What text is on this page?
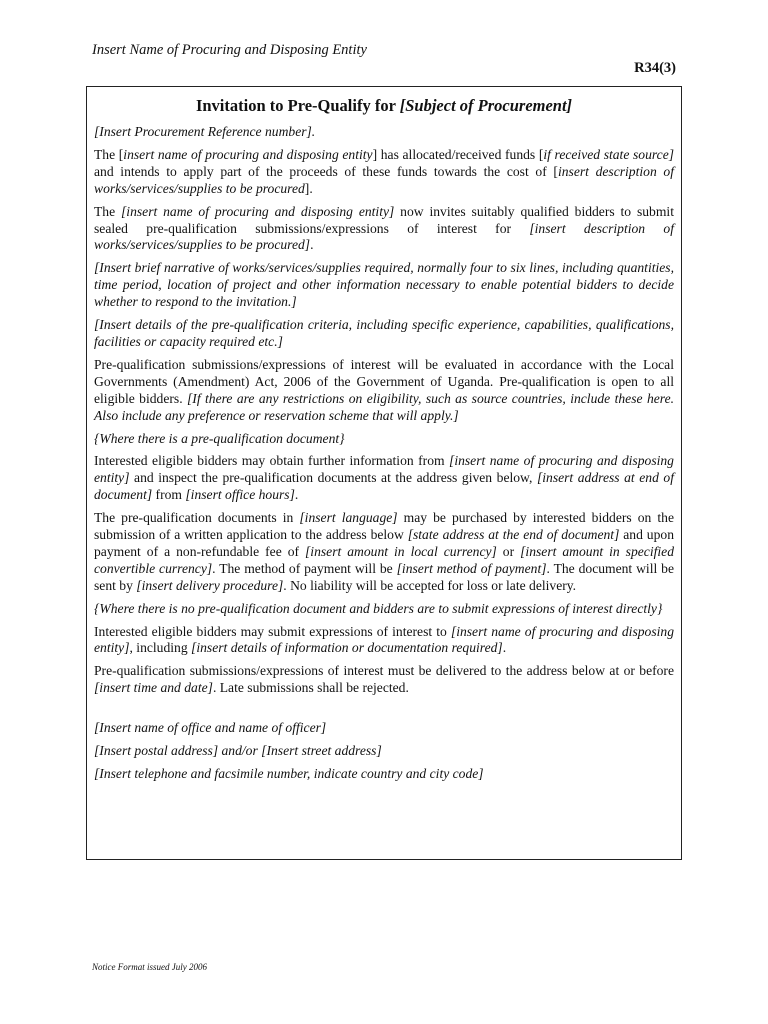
Insert Name of Procuring and Disposing Entity
R34(3)
Invitation to Pre-Qualify for [Subject of Procurement]
[Insert Procurement Reference number].
The [insert name of procuring and disposing entity] has allocated/received funds [if received state source] and intends to apply part of the proceeds of these funds towards the cost of [insert description of works/services/supplies to be procured].
The [insert name of procuring and disposing entity] now invites suitably qualified bidders to submit sealed pre-qualification submissions/expressions of interest for [insert description of works/services/supplies to be procured].
[Insert brief narrative of works/services/supplies required, normally four to six lines, including quantities, time period, location of project and other information necessary to enable potential bidders to decide whether to respond to the invitation.]
[Insert details of the pre-qualification criteria, including specific experience, capabilities, qualifications, facilities or capacity required etc.]
Pre-qualification submissions/expressions of interest will be evaluated in accordance with the Local Governments (Amendment) Act, 2006 of the Government of Uganda. Pre-qualification is open to all eligible bidders. [If there are any restrictions on eligibility, such as source countries, include these here. Also include any preference or reservation scheme that will apply.]
{Where there is a pre-qualification document}
Interested eligible bidders may obtain further information from [insert name of procuring and disposing entity] and inspect the pre-qualification documents at the address given below, [insert address at end of document] from [insert office hours].
The pre-qualification documents in [insert language] may be purchased by interested bidders on the submission of a written application to the address below [state address at the end of document] and upon payment of a non-refundable fee of [insert amount in local currency] or [insert amount in specified convertible currency]. The method of payment will be [insert method of payment]. The document will be sent by [insert delivery procedure]. No liability will be accepted for loss or late delivery.
{Where there is no pre-qualification document and bidders are to submit expressions of interest directly}
Interested eligible bidders may submit expressions of interest to [insert name of procuring and disposing entity], including [insert details of information or documentation required].
Pre-qualification submissions/expressions of interest must be delivered to the address below at or before [insert time and date]. Late submissions shall be rejected.
[Insert name of office and name of officer]
[Insert postal address] and/or [Insert street address]
[Insert telephone and facsimile number, indicate country and city code]
Notice Format issued July 2006
